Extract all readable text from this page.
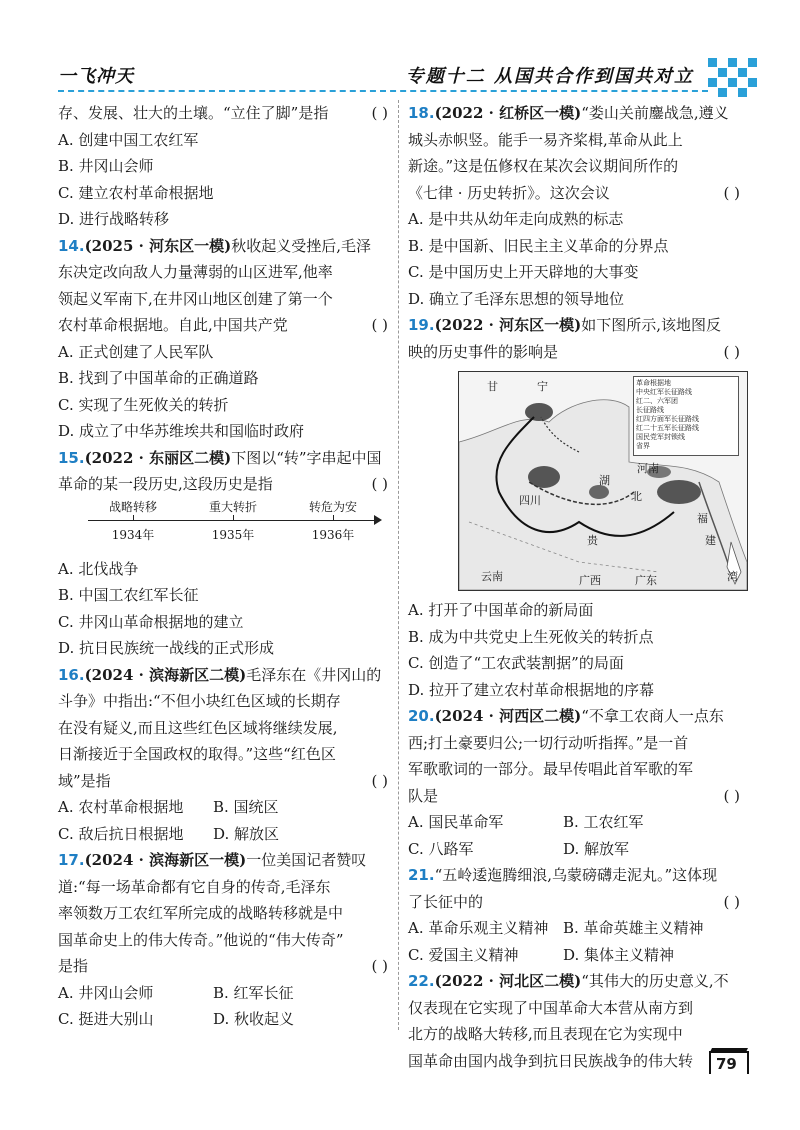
一飞冲天	专题十二 从国共合作到国共对立
存、发展、壮大的土壤。“立住了脚”是指	( )
A. 创建中国工农红军
B. 井冈山会师
C. 建立农村革命根据地
D. 进行战略转移
14.(2025 · 河东区一模)秋收起义受挫后,毛泽
东决定改向敌人力量薄弱的山区进军,他率
领起义军南下,在井冈山地区创建了第一个
农村革命根据地。自此,中国共产党	( )
A. 正式创建了人民军队
B. 找到了中国革命的正确道路
C. 实现了生死攸关的转折
D. 成立了中华苏维埃共和国临时政府
15.(2022 · 东丽区二模)下图以“转”字串起中国
革命的某一段历史,这段历史是指	( )
战略转移	重大转折	转危为安
1934年	1935年	1936年
A. 北伐战争
B. 中国工农红军长征
C. 井冈山革命根据地的建立
D. 抗日民族统一战线的正式形成
16.(2024 · 滨海新区二模)毛泽东在《井冈山的
斗争》中指出:“不但小块红色区域的长期存
在没有疑义,而且这些红色区域将继续发展,
日渐接近于全国政权的取得。”这些“红色区
域”是指	( )
A. 农村革命根据地 B. 国统区
C. 敌后抗日根据地 D. 解放区
17.(2024 · 滨海新区一模)一位美国记者赞叹
道:“每一场革命都有它自身的传奇,毛泽东
率领数万工农红军所完成的战略转移就是中
国革命史上的伟大传奇。”他说的“伟大传奇”
是指	( )
A. 井冈山会师	B. 红军长征
C. 挺进大别山	D. 秋收起义
18.(2022 · 红桥区一模)“娄山关前鏖战急,遵义
城头赤帜竖。能手一易齐桨楫,革命从此上
新途。”这是伍修权在某次会议期间所作的
《七律 · 历史转折》。这次会议	( )
A. 是中共从幼年走向成熟的标志
B. 是中国新、旧民主主义革命的分界点
C. 是中国历史上开天辟地的大事变
D. 确立了毛泽东思想的领导地位
19.(2022 · 河东区一模)如下图所示,该地图反
映的历史事件的影响是	( )
革命根据地
中央红军长征路线
红二、六军团
长征路线
红四方面军长征路线
红二十五军长征路线
国民党军封锁线
省界
甘	宁
河南
四川
湖
北
贵
云南	广西	广东
福
建
湾
A. 打开了中国革命的新局面
B. 成为中共党史上生死攸关的转折点
C. 创造了“工农武装割据”的局面
D. 拉开了建立农村革命根据地的序幕
20.(2024 · 河西区二模)“不拿工农商人一点东
西;打土豪要归公;一切行动听指挥。”是一首
军歌歌词的一部分。最早传唱此首军歌的军
队是	( )
A. 国民革命军	B. 工农红军
C. 八路军	D. 解放军
21.“五岭逶迤腾细浪,乌蒙磅礴走泥丸。”这体现
了长征中的	( )
A. 革命乐观主义精神 B. 革命英雄主义精神
C. 爱国主义精神	D. 集体主义精神
22.(2022 · 河北区二模)“其伟大的历史意义,不
仅表现在它实现了中国革命大本营从南方到
北方的战略大转移,而且表现在它为实现中
国革命由国内战争到抗日民族战争的伟大转	79
